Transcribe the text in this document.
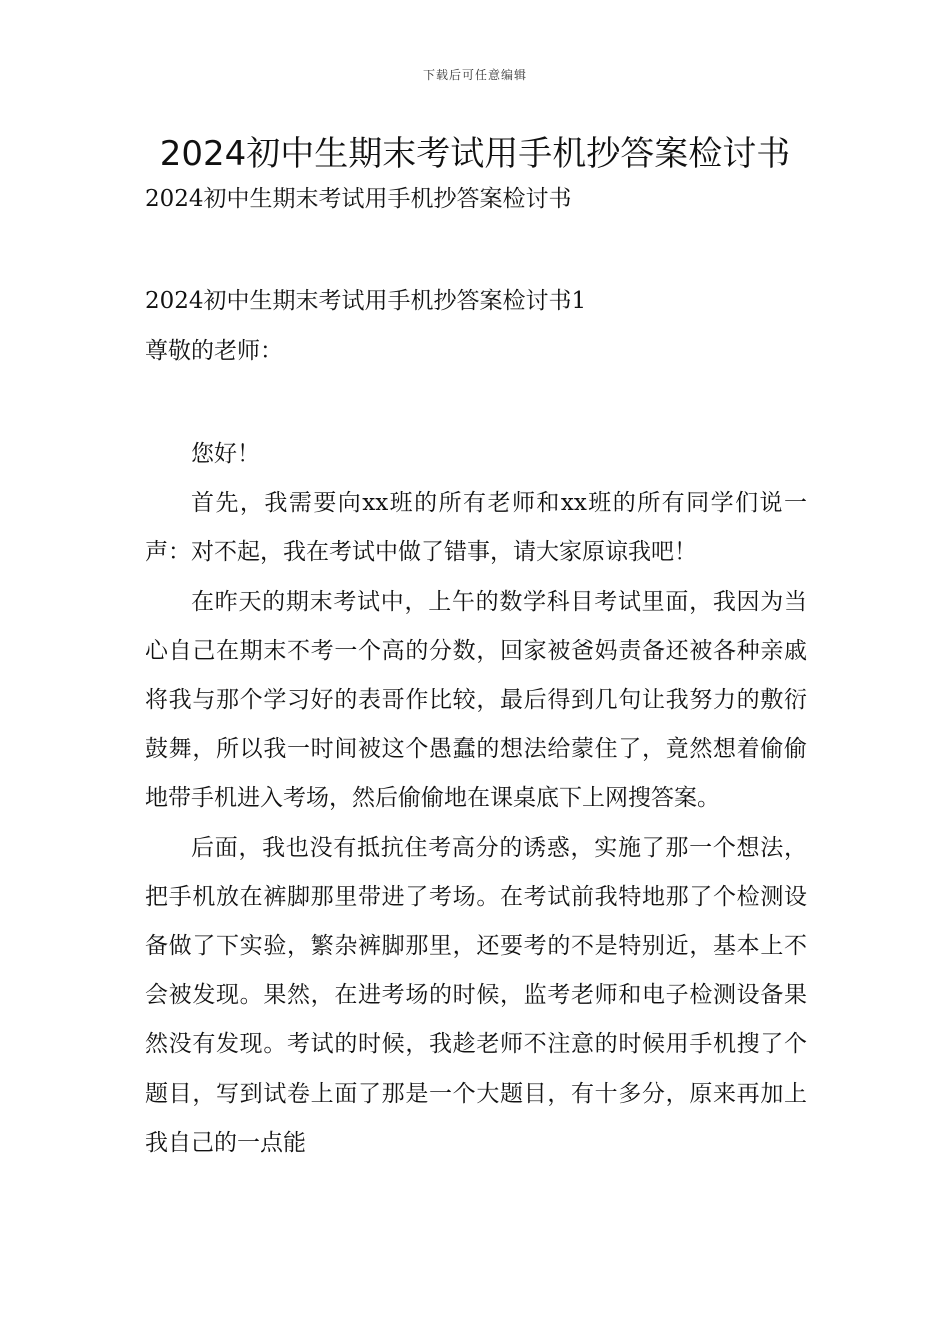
下载后可任意编辑
2024初中生期末考试用手机抄答案检讨书
2024初中生期末考试用手机抄答案检讨书
2024初中生期末考试用手机抄答案检讨书1
尊敬的老师：

您好！

首先，我需要向xx班的所有老师和xx班的所有同学们说一声：对不起，我在考试中做了错事，请大家原谅我吧！

在昨天的期末考试中，上午的数学科目考试里面，我因为当心自己在期末不考一个高的分数，回家被爸妈责备还被各种亲戚将我与那个学习好的表哥作比较，最后得到几句让我努力的敷衍鼓舞，所以我一时间被这个愚蠢的想法给蒙住了，竟然想着偷偷地带手机进入考场，然后偷偷地在课桌底下上网搜答案。

后面，我也没有抵抗住考高分的诱惑，实施了那一个想法，把手机放在裤脚那里带进了考场。在考试前我特地那了个检测设备做了下实验，繁杂裤脚那里，还要考的不是特别近，基本上不会被发现。果然，在进考场的时候，监考老师和电子检测设备果然没有发现。考试的时候，我趁老师不注意的时候用手机搜了个题目，写到试卷上面了那是一个大题目，有十多分，原来再加上我自己的一点能
